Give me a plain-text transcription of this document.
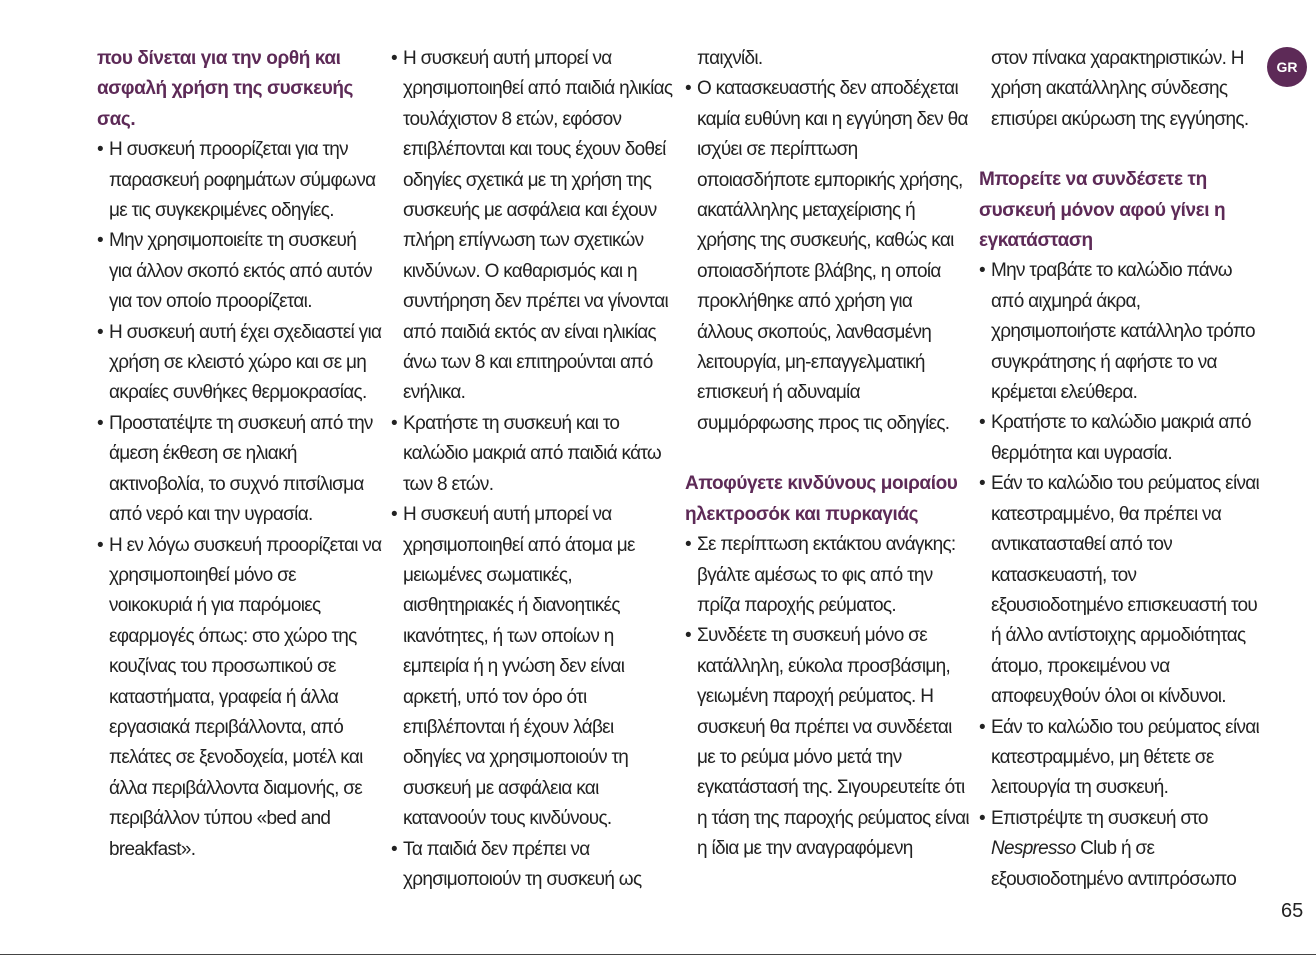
GR

που δίνεται για την ορθή και ασφαλή χρήση της συσκευής σας.

• Η συσκευή προορίζεται για την παρασκευή ροφημάτων σύμφωνα με τις συγκεκριμένες οδηγίες.
• Μην χρησιμοποιείτε τη συσκευή για άλλον σκοπό εκτός από αυτόν για τον οποίο προορίζεται.
• Η συσκευή αυτή έχει σχεδιαστεί για χρήση σε κλειστό χώρο και σε μη ακραίες συνθήκες θερμοκρασίας.
• Προστατέψτε τη συσκευή από την άμεση έκθεση σε ηλιακή ακτινοβολία, το συχνό πιτσίλισμα από νερό και την υγρασία.
• Η εν λόγω συσκευή προορίζεται να χρησιμοποιηθεί μόνο σε νοικοκυριά ή για παρόμοιες εφαρμογές όπως: στο χώρο της κουζίνας του προσωπικού σε καταστήματα, γραφεία ή άλλα εργασιακά περιβάλλοντα, από πελάτες σε ξενοδοχεία, μοτέλ και άλλα περιβάλλοντα διαμονής, σε περιβάλλον τύπου «bed and breakfast».
• Η συσκευή αυτή μπορεί να χρησιμοποιηθεί από παιδιά ηλικίας τουλάχιστον 8 ετών, εφόσον επιβλέπονται και τους έχουν δοθεί οδηγίες σχετικά με τη χρήση της συσκευής με ασφάλεια και έχουν πλήρη επίγνωση των σχετικών κινδύνων. Ο καθαρισμός και η συντήρηση δεν πρέπει να γίνονται από παιδιά εκτός αν είναι ηλικίας άνω των 8 και επιτηρούνται από ενήλικα.
• Κρατήστε τη συσκευή και το καλώδιο μακριά από παιδιά κάτω των 8 ετών.
• Η συσκευή αυτή μπορεί να χρησιμοποιηθεί από άτομα με μειωμένες σωματικές, αισθητηριακές ή διανοητικές ικανότητες, ή των οποίων η εμπειρία ή η γνώση δεν είναι αρκετή, υπό τον όρο ότι επιβλέπονται ή έχουν λάβει οδηγίες να χρησιμοποιούν τη συσκευή με ασφάλεια και κατανοούν τους κινδύνους.
• Τα παιδιά δεν πρέπει να χρησιμοποιούν τη συσκευή ως

παιχνίδι.

• Ο κατασκευαστής δεν αποδέχεται καμία ευθύνη και η εγγύηση δεν θα ισχύει σε περίπτωση οποιασδήποτε εμπορικής χρήσης, ακατάλληλης μεταχείρισης ή χρήσης της συσκευής, καθώς και οποιασδήποτε βλάβης, η οποία προκλήθηκε από χρήση για άλλους σκοπούς, λανθασμένη λειτουργία, μη-επαγγελματική επισκευή ή αδυναμία συμμόρφωσης προς τις οδηγίες.

Αποφύγετε κινδύνους μοιραίου ηλεκτροσόκ και πυρκαγιάς

• Σε περίπτωση εκτάκτου ανάγκης: βγάλτε αμέσως το φις από την πρίζα παροχής ρεύματος.
• Συνδέετε τη συσκευή μόνο σε κατάλληλη, εύκολα προσβάσιμη, γειωμένη παροχή ρεύματος. Η συσκευή θα πρέπει να συνδέεται με το ρεύμα μόνο μετά την εγκατάστασή της. Σιγουρευτείτε ότι η τάση της παροχής ρεύματος είναι η ίδια με την αναγραφόμενη

στον πίνακα χαρακτηριστικών. Η χρήση ακατάλληλης σύνδεσης επισύρει ακύρωση της εγγύησης.

Μπορείτε να συνδέσετε τη συσκευή μόνον αφού γίνει η εγκατάσταση

• Μην τραβάτε το καλώδιο πάνω από αιχμηρά άκρα, χρησιμοποιήστε κατάλληλο τρόπο συγκράτησης ή αφήστε το να κρέμεται ελεύθερα.
• Κρατήστε το καλώδιο μακριά από θερμότητα και υγρασία.
• Εάν το καλώδιο του ρεύματος είναι κατεστραμμένο, θα πρέπει να αντικατασταθεί από τον κατασκευαστή, τον εξουσιοδοτημένο επισκευαστή του ή άλλο αντίστοιχης αρμοδιότητας άτομο, προκειμένου να αποφευχθούν όλοι οι κίνδυνοι.
• Εάν το καλώδιο του ρεύματος είναι κατεστραμμένο, μη θέτετε σε λειτουργία τη συσκευή.
• Επιστρέψτε τη συσκευή στο
Nespresso Club ή σε εξουσιοδοτημένο αντιπρόσωπο
65
